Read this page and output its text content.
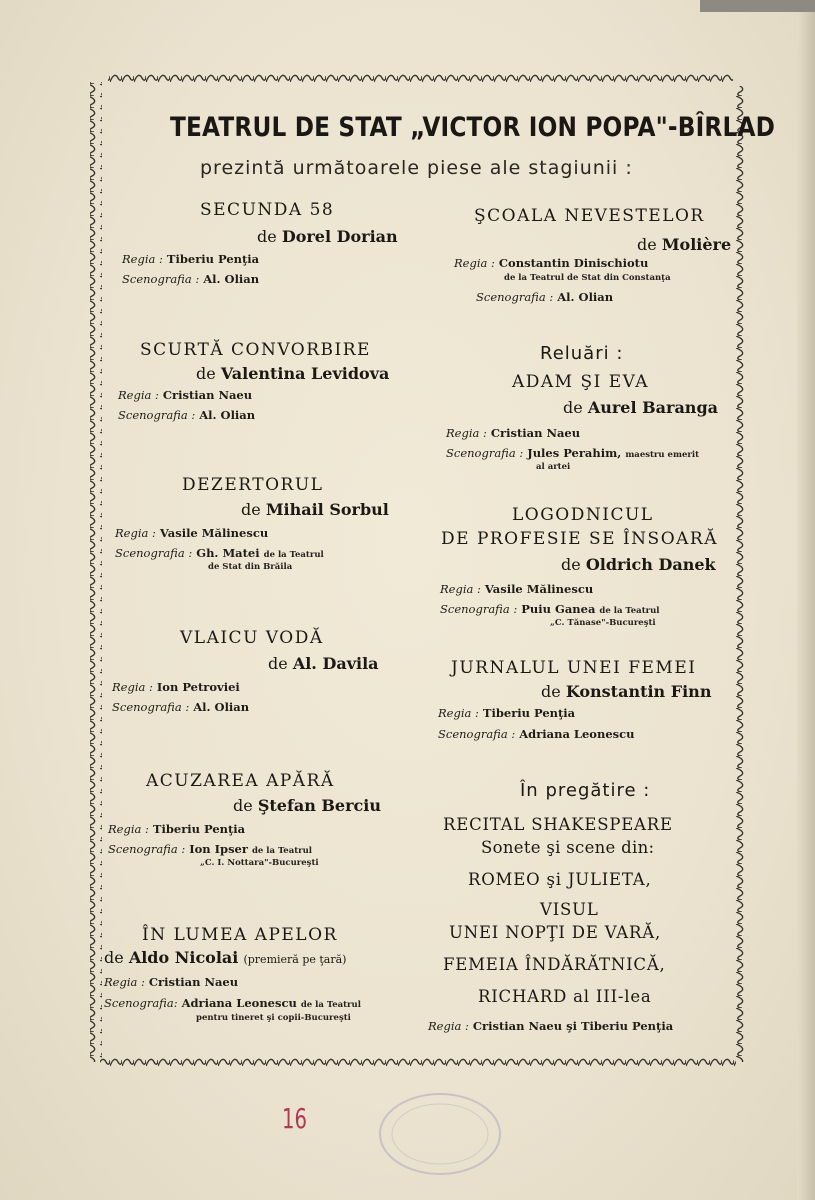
TEATRUL DE STAT „VICTOR ION POPA"-BÎRLAD
prezintă următoarele piese ale stagiunii :
SECUNDA 58
de Dorel Dorian
Regia : Tiberiu Penţia
Scenografia : Al. Olian
SCURTĂ CONVORBIRE
de Valentina Levidova
Regia : Cristian Naeu
Scenografia : Al. Olian
DEZERTORUL
de Mihail Sorbul
Regia : Vasile Mălinescu
Scenografia : Gh. Matei de la Teatrul
de Stat din Brăila
VLAICU VODĂ
de Al. Davila
Regia : Ion Petroviei
Scenografia : Al. Olian
ACUZAREA APĂRĂ
de Ştefan Berciu
Regia : Tiberiu Penţia
Scenografia : Ion Ipser de la Teatrul
„C. I. Nottara"-Bucureşti
ÎN LUMEA APELOR
de Aldo Nicolai (premieră pe ţară)
Regia : Cristian Naeu
Scenografia: Adriana Leonescu de la Teatrul
pentru tineret şi copii-Bucureşti
ŞCOALA NEVESTELOR
de Molière
Regia : Constantin Dinischiotu
de la Teatrul de Stat din Constanţa
Scenografia : Al. Olian
Reluări :
ADAM ŞI EVA
de Aurel Baranga
Regia : Cristian Naeu
Scenografia : Jules Perahim, maestru emerit
al artei
LOGODNICUL
DE PROFESIE SE ÎNSOARĂ
de Oldrich Danek
Regia : Vasile Mălinescu
Scenografia : Puiu Ganea de la Teatrul
„C. Tănase"-Bucureşti
JURNALUL UNEI FEMEI
de Konstantin Finn
Regia : Tiberiu Penţia
Scenografia : Adriana Leonescu
În pregătire :
RECITAL SHAKESPEARE
Sonete şi scene din:
ROMEO şi JULIETA,
VISUL
UNEI NOPŢI DE VARĂ,
FEMEIA ÎNDĂRĂTNICĂ,
RICHARD al III-lea
Regia : Cristian Naeu şi Tiberiu Penţia
16
